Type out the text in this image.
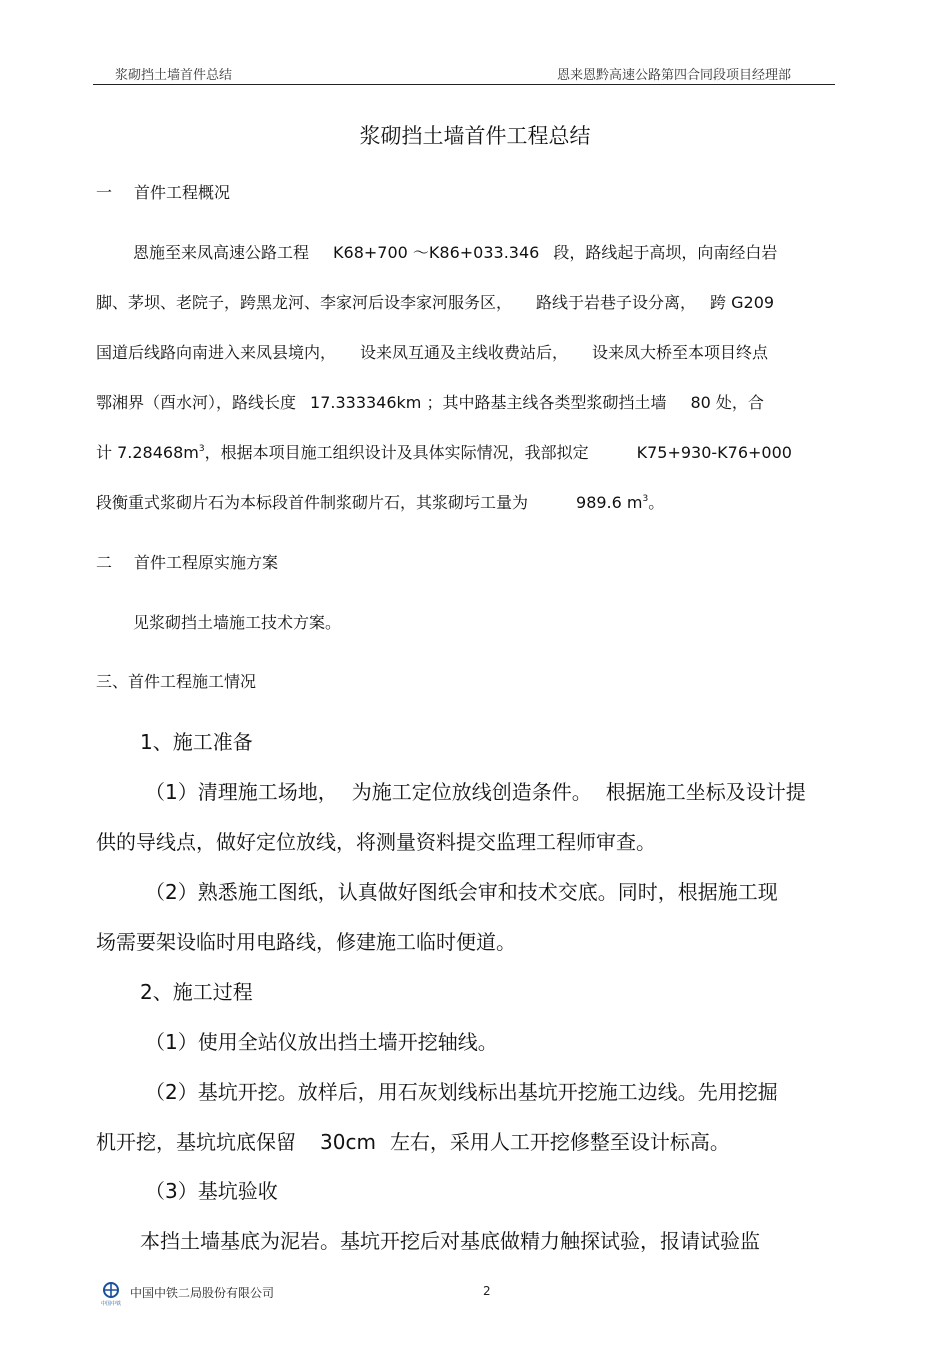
浆砌挡土墙首件总结	恩来恩黔高速公路第四合同段项目经理部
浆砌挡土墙首件工程总结
一 首件工程概况
恩施至来凤高速公路工程 K68+700 ～K86+033.346 段，路线起于高坝，向南经白岩
脚、茅坝、老院子，跨黑龙河、李家河后设李家河服务区， 路线于岩巷子设分离， 跨 G209
国道后线路向南进入来凤县境内， 设来凤互通及主线收费站后， 设来凤大桥至本项目终点
鄂湘界（酉水河），路线长度 17.333346km ；其中路基主线各类型浆砌挡土墙 80 处，合
计 $7.28468m^3$，根据本项目施工组织设计及具体实际情况，我部拟定	K75+930-K76+000
段衡重式浆砌片石为本标段首件制浆砌片石，其浆砌圬工量为	989.6 $m^3$。
二 首件工程原实施方案
见浆砌挡土墙施工技术方案。
三、首件工程施工情况
1、施工准备
（1）清理施工场地， 为施工定位放线创造条件。 根据施工坐标及设计提
供的导线点，做好定位放线，将测量资料提交监理工程师审查。
（2）熟悉施工图纸，认真做好图纸会审和技术交底。同时，根据施工现
场需要架设临时用电路线，修建施工临时便道。
2、施工过程
（1）使用全站仪放出挡土墙开挖轴线。
（2）基坑开挖。放样后，用石灰划线标出基坑开挖施工边线。先用挖掘
机开挖，基坑坑底保留 30cm 左右，采用人工开挖修整至设计标高。
（3）基坑验收
本挡土墙基底为泥岩。基坑开挖后对基底做精力触探试验，报请试验监
中国中铁
中国中铁二局股份有限公司	2
